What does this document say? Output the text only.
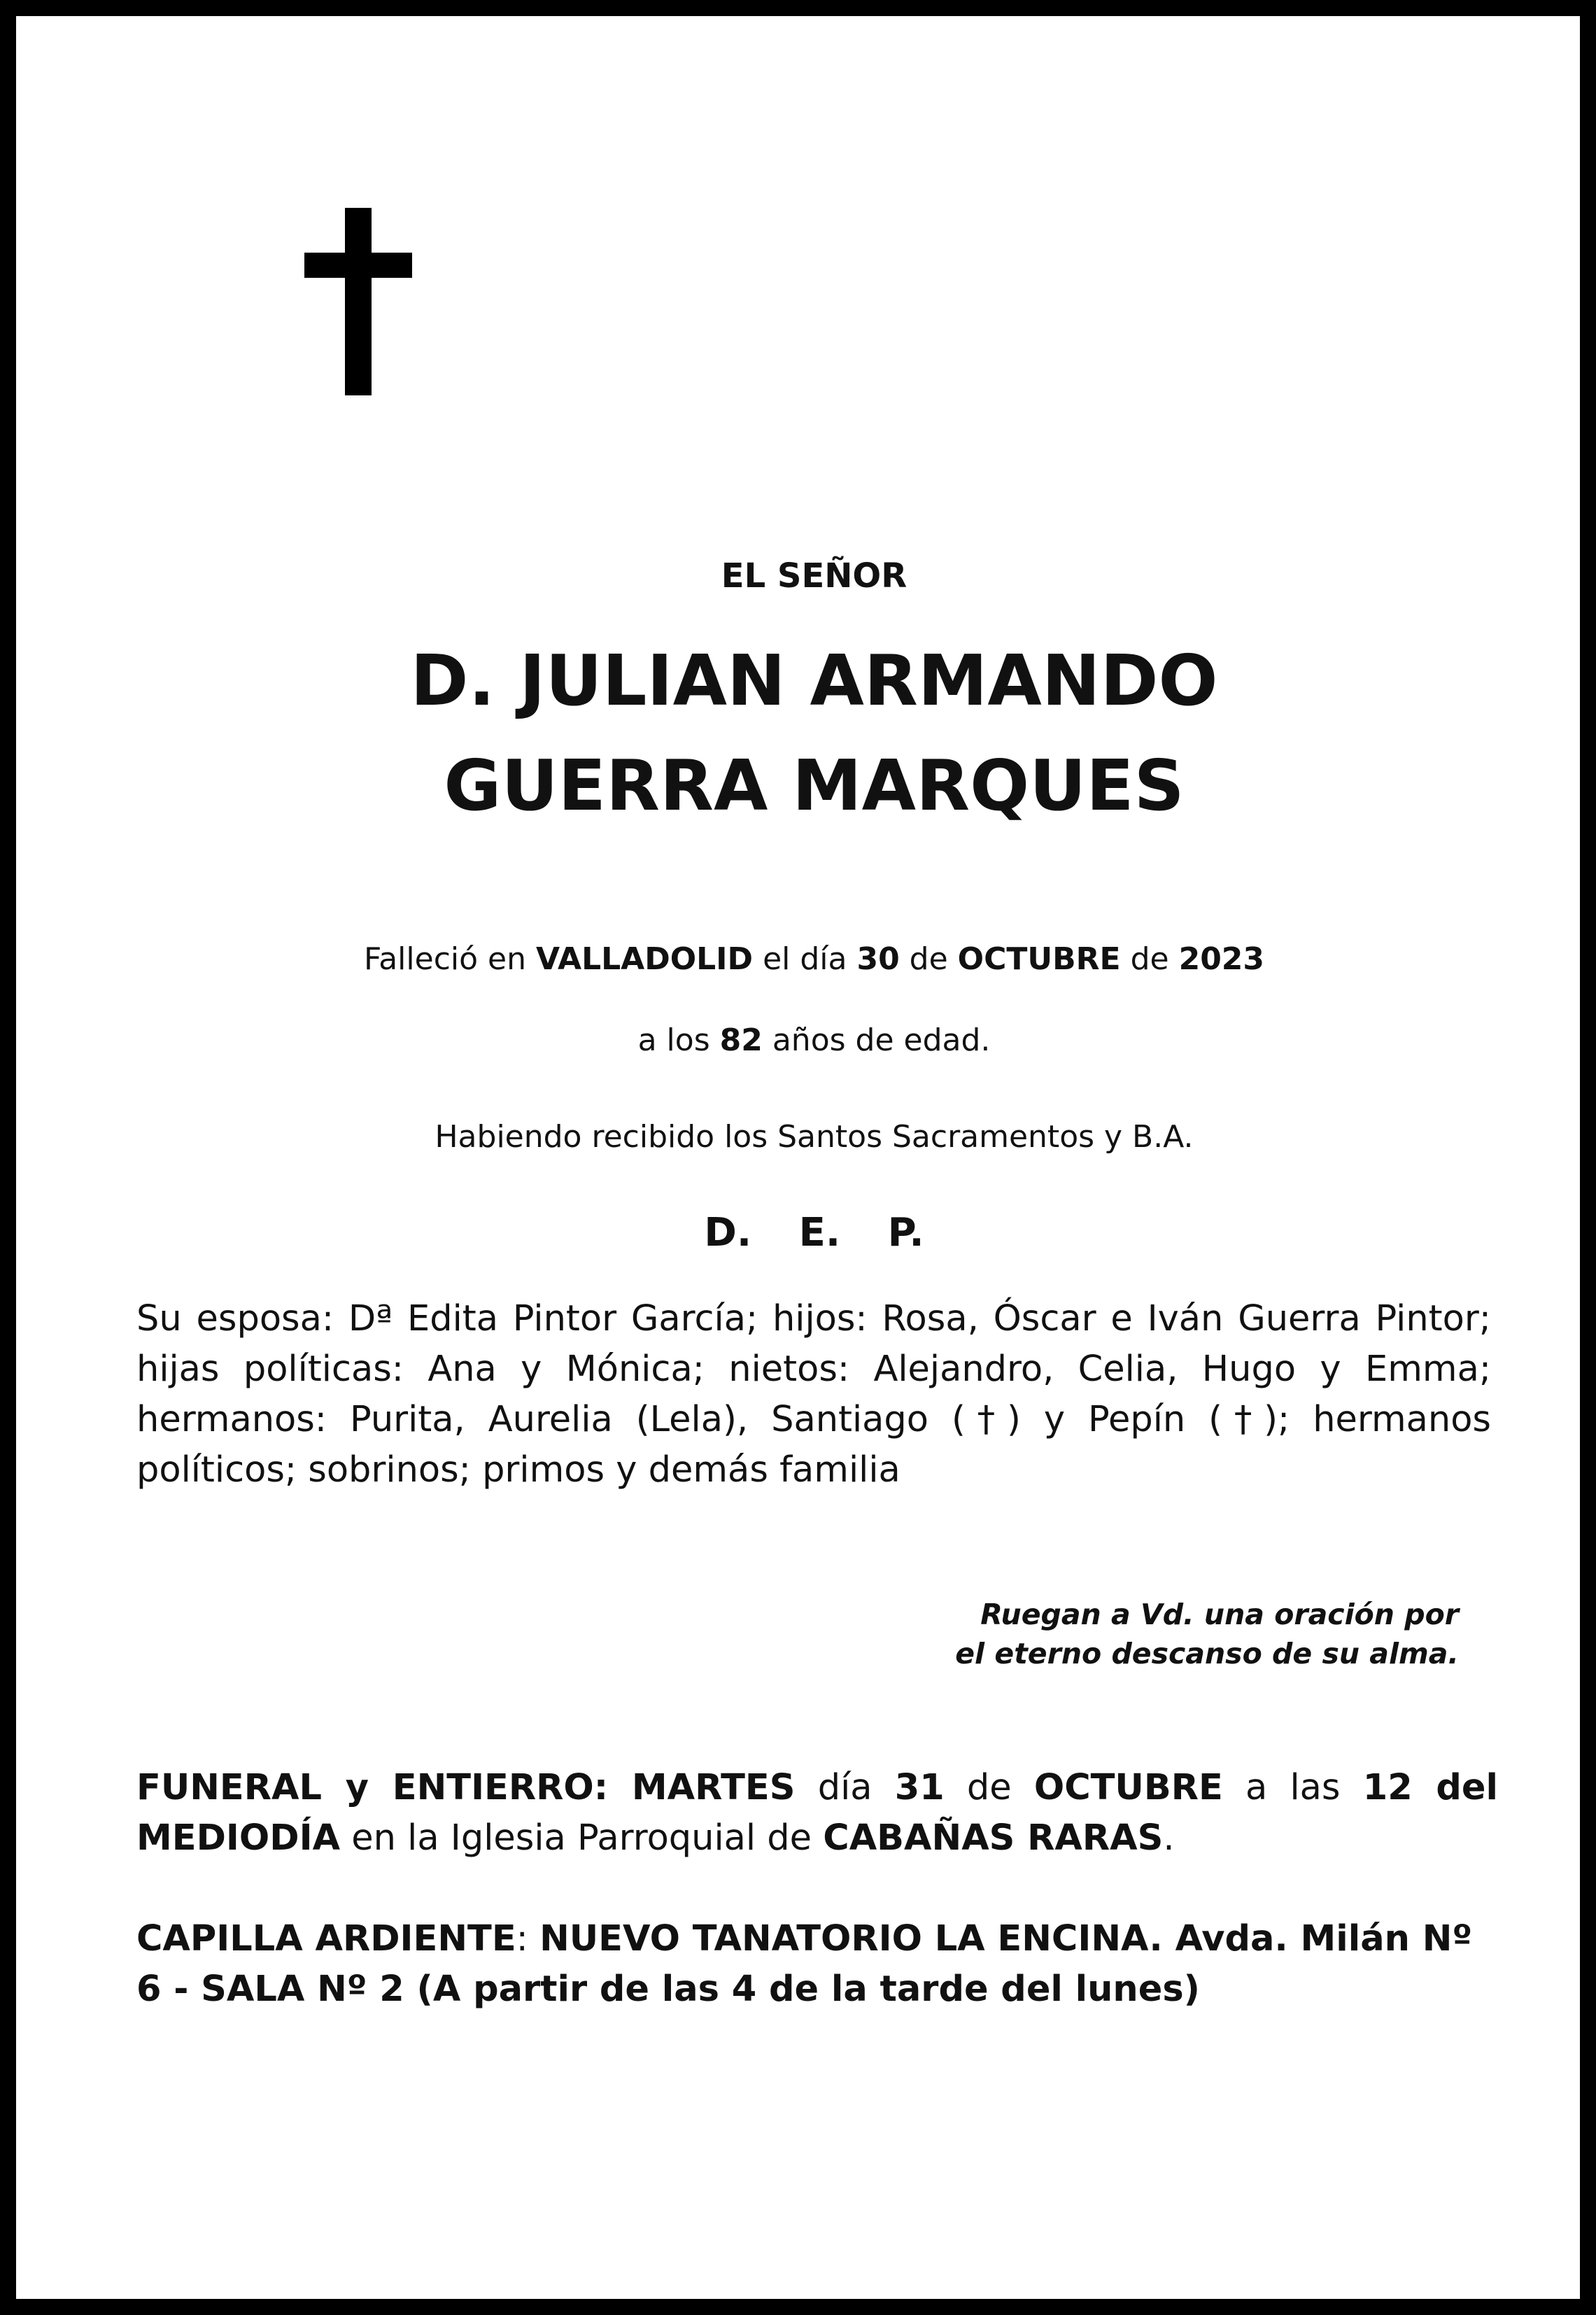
EL SEÑOR
D. JULIAN ARMANDO
GUERRA MARQUES
Falleció en VALLADOLID el día 30 de OCTUBRE de 2023
a los 82 años de edad.
Habiendo recibido los Santos Sacramentos y B.A.
D. E. P.
Su esposa: Dª Edita Pintor García; hijos: Rosa, Óscar e Iván Guerra Pintor; hijas políticas: Ana y Mónica; nietos: Alejandro, Celia, Hugo y Emma; hermanos: Purita, Aurelia (Lela), Santiago (†) y Pepín (†); hermanos políticos; sobrinos; primos y demás familia
Ruegan a Vd. una oración por
el eterno descanso de su alma.
FUNERAL y ENTIERRO: MARTES día 31 de OCTUBRE a las 12 del MEDIODÍA en la Iglesia Parroquial de CABAÑAS RARAS.
CAPILLA ARDIENTE: NUEVO TANATORIO LA ENCINA. Avda. Milán Nº 6 - SALA Nº 2 (A partir de las 4 de la tarde del lunes)
